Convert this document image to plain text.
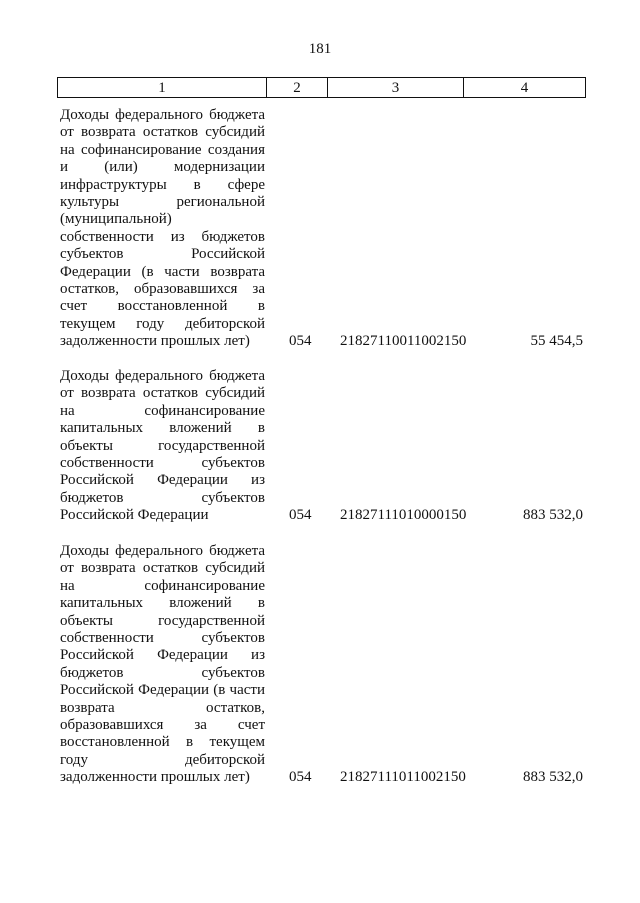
181
1	2	3	4
Доходы федерального бюджета от возврата остатков субсидий на софинансирование создания и (или) модернизации инфраструктуры в сфере культуры региональной (муниципальной) собственности из бюджетов субъектов Российской Федерации (в части возврата остатков, образовавшихся за счет восстановленной в текущем году дебиторской задолженности прошлых лет)	054 21827110011002150	55 454,5
Доходы федерального бюджета от возврата остатков субсидий на софинансирование капитальных вложений в объекты государственной собственности субъектов Российской Федерации из бюджетов субъектов Российской Федерации	054 21827111010000150	883 532,0
Доходы федерального бюджета от возврата остатков субсидий на софинансирование капитальных вложений в объекты государственной собственности субъектов Российской Федерации из бюджетов субъектов Российской Федерации (в части возврата остатков, образовавшихся за счет восстановленной в текущем году дебиторской задолженности прошлых лет)	054 21827111011002150	883 532,0
